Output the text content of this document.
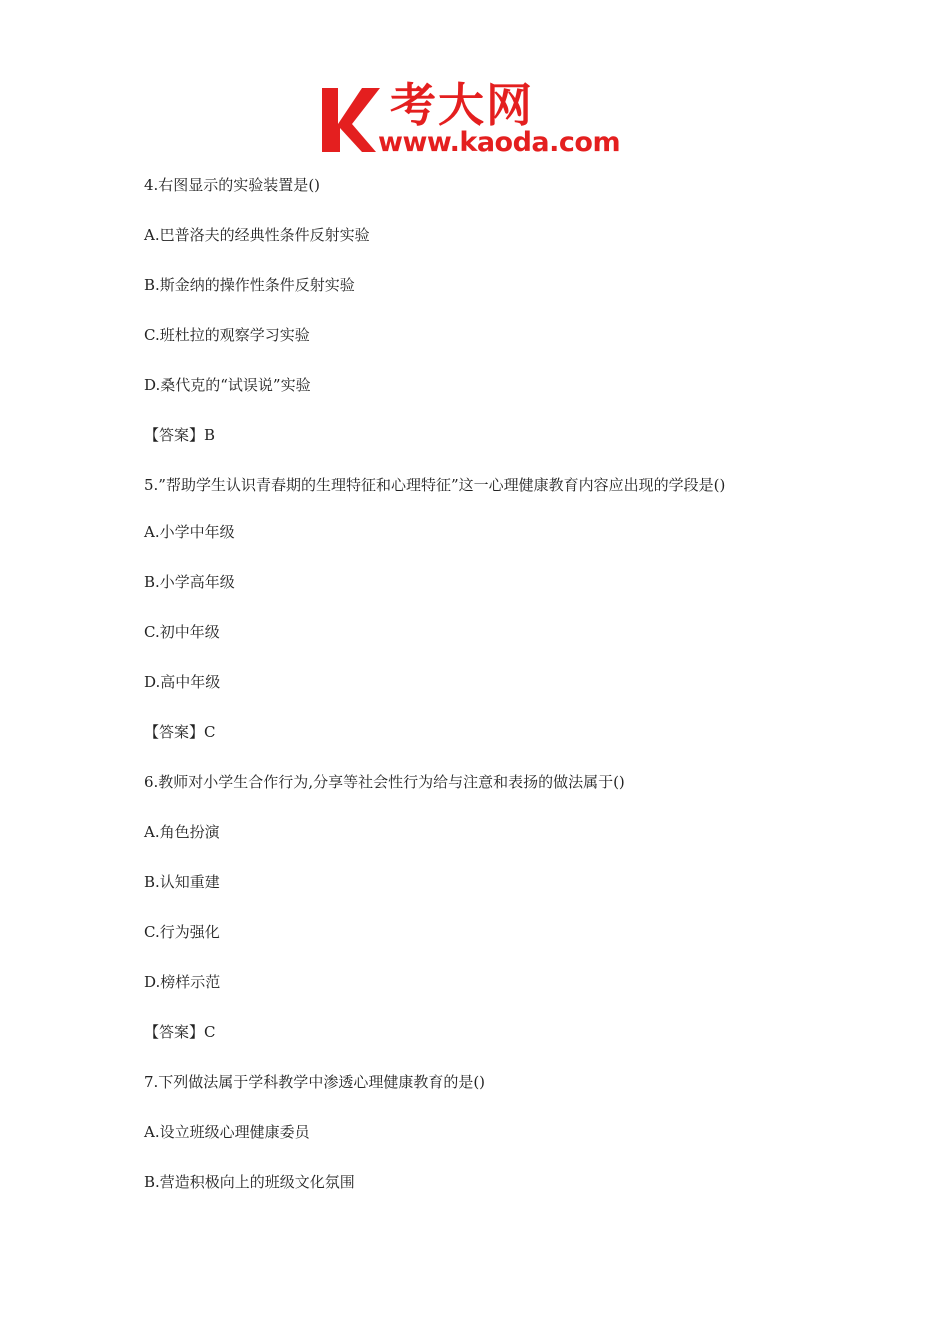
考大网
www.kaoda.com
4.右图显示的实验装置是()
A.巴普洛夫的经典性条件反射实验
B.斯金纳的操作性条件反射实验
C.班杜拉的观察学习实验
D.桑代克的“试误说”实验
【答案】B
5.”帮助学生认识青春期的生理特征和心理特征”这一心理健康教育内容应出现的学段是()
A.小学中年级
B.小学高年级
C.初中年级
D.高中年级
【答案】C
6.教师对小学生合作行为,分享等社会性行为给与注意和表扬的做法属于()
A.角色扮演
B.认知重建
C.行为强化
D.榜样示范
【答案】C
7.下列做法属于学科教学中渗透心理健康教育的是()
A.设立班级心理健康委员
B.营造积极向上的班级文化氛围
